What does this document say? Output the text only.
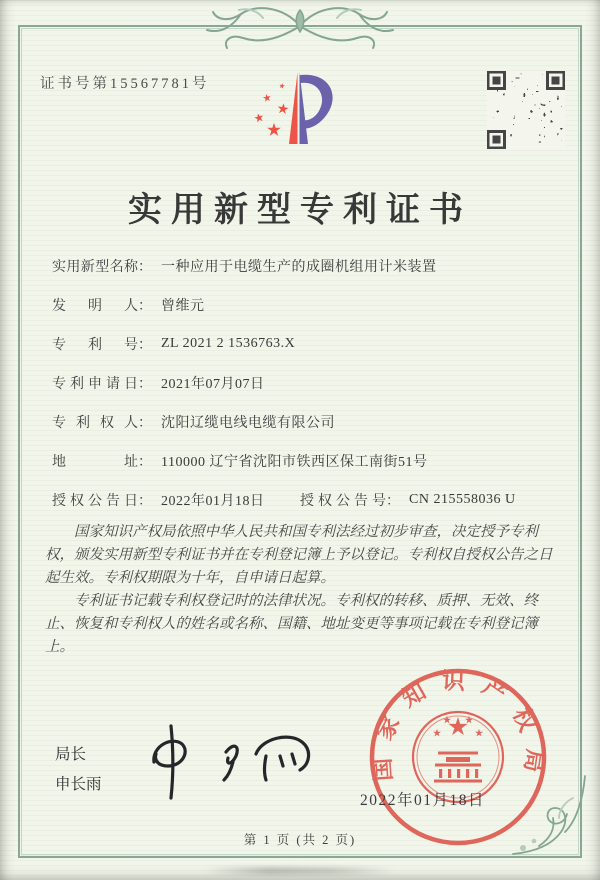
证书号第15567781号
实用新型专利证书
实用新型名称 ： 一种应用于电缆生产的成圈机组用计米装置
发明人 ： 曾维元
专利号 ： ZL 2021 2 1536763.X
专利申请日 ： 2021年07月07日
专利权人 ： 沈阳辽缆电线电缆有限公司
地址 ： 110000 辽宁省沈阳市铁西区保工南街51号
授权公告日 ： 2022年01月18日	授权公告号 ： CN 215558036 U

国家知识产权局依照中华人民共和国专利法经过初步审查，决定授予专利权，颁发实用新型专利证书并在专利登记簿上予以登记。专利权自授权公告之日起生效。专利权期限为十年，自申请日起算。

专利证书记载专利权登记时的法律状况。专利权的转移、质押、无效、终止、恢复和专利权人的姓名或名称、国籍、地址变更等事项记载在专利登记簿上。

局长
申长雨
国家知识产权局
2022年01月18日
第 1 页 (共 2 页)
